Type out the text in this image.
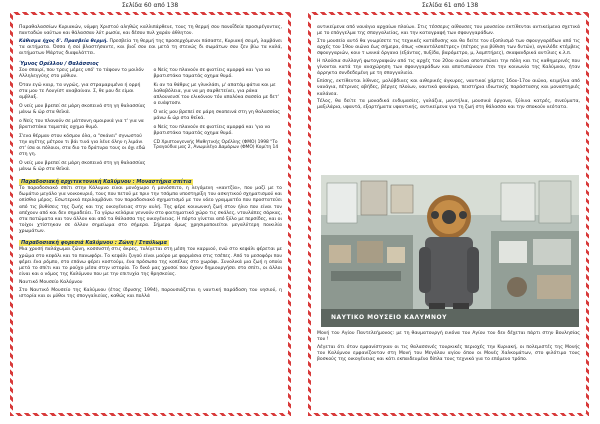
Σελίδα 60 από 138

Παραθαλασσίων Κυριακών, νύμφη Χριστού αληθώς καλλιπάρθενε, τους τη θερμή σου πανοΐδεία προσιρέγοντας, πανταδών ναύτων και θάλασσαν λύτ ρωσία, και δέσου πυλ χαράν άθλητον.

Κάθισμα ήχος δ'. Πρασβεία θερμή. Πρεσβεία τη θερμή της προσερχόμενοι πάσαστε, Κυριακή σειμή, λαμβάνει τα αιτήματα. Όσσα ή σοί βλαστήσαντε, και βιοΐ σου εαι μετά τη στενώς δι σωμάτων σου ζεν βίω τα καλά, αιτήματων Μάρτυς διαφυλάττει.

Ύμνος Ορέλλου / Θαλάσσιος

Σου σπαιρί, που τρεις μέρες υπό' το τάφουν το μοιλόν Αλληλεγγύης στο μύθιον.

Όταν εγώ καιρ, τα υγρώς, για στραμαριμένα ή ορρή στα μου τε Λουγίστ αναβαίναν. Σ, θε μου δε είμαι αμβλαξ.

Ο νείς μου βρεπεί σε μάρη σκοπεινά στη γη θαλασσίας μάνω & ώρ στα θεϊκά.

ο Νείς του πλανούν σε μάτσυνη αμοιρικά για τ' για να βρατιστάκα ταματάς οχημα θυμό.

Σ'ενα θέρμαν στου κόσμου όλα, α "σκάνει" σγνωστού την αγέτης μέτρου τι βάι τινά για λένε όλην η λιμάνι στ' ίσα οι πόλοιοι, στα διο το δράτυρα τους οι όχι εδώ στη γη.

Ο νείς μου βρεπεί σε μάρη σκοπεινά στη γη θαλασσίας μάνω & ώρ στα θεϊκά.

ο Νείς του πλανούν σε φιατίεις αμορφά και 'για να βρατιστάκα ταματάς οχημα θυμό.

Κι αν τα θάθρις με γλυκλάσι, μ' απατάμ φάτια και με λαθαβόλεια, για να μη σαρθετείνει, για ράκα απλουνευσί του ελικόνιον τόυ απολύκα σασσία με δετ' ο ευάφτοσν.

Ο νείς μου βρεπεί σε μάρη σκοπεινά στη γη θαλασσίας μάνω & ώρ στα θεϊκά.

ο Νείς του πλανούν σε φιατίεις αμορφά και 'για να βρατιστάκα ταματάς οχημα θυμό.

CD Χριστουγεννής Μαθητικής Ορέλλης (ΦΜΟ) 1998 "Το Τραγούδια μας 2, Ανωμιλέγο Δαμάρων (ΦΜΟ) Κομίτη 14

Παραδοσιακή αρχιτεκτονική Καλύμνου : Μοναστήρια σπίτια

Το παραδοσιακό σπίτι στην Κάλυμνο είναι μονόχωρο ή μονόσπιτο, η λεγόμενη «καντζία», που μαζί με το δωμάτιο μεγάλο για νοικοκυριό, τους που πετού με πριν την τσάμπα υποστηρίξη του ασκητικού σχηματισμού και οπίσθιο μέρος. Εσωτερικά περιλαμβάνει τον παραδοσιακό σχηματισμό με τον νόεο γραμματέα που προστατεύει από τις βυθίσεις της ζωής και της οικογένειας στην αυλή. Της φέρε κοινωνική ζωή στον ήλιο που είναι τον απέχουν από και δεν σημαδεύει. Τα γύρω κελάρια γεννούν στο φοιτηματικό χώρο τις σκάλες, ντουλάπες σάρκας, στα πατώματα και τον άλλον και από τα θάλασσα της οικογένειας. Η πόρτα γίνεται από ξύλο με περσίδες, και οι τοίχοι χτίστηκαν σε άλλον σημείωμα στο σήμερα. Σήμερα όμως χρησιμοποιείται μεγαλύτερη ποικιλία χρωμάτων.

Παραδοσιακή φορεσιά Καλύμνου : Ζώνη / Σταύλωμα

Μια χρυσή παλάχωμαι ζώνη, κοσσυστή στις άκρες, τυλίγεται στη μέση του καρμιού, ενώ στο κεφάλι φέρεται με χρώμα στο κεφάλι και το πανωφόρι. Το κεφάλι ζυγού είναι μαύρο με φαρμάσια στις τσέπες. Από το μεσοφόρι που φέρει ένα ρόμπο, στο επάνω φέρει κοστούμι, ένα πρόσωπο της κοπέλας στο χωράφι. Συνολικά μια ζωή η οποία μετά το σπίτι και το ρούχο μέσα στην ιστορία. Το δικό μας χρυσοί που έχουν δημιουργήσει στο σπίτι, οι άλλοι είναι και ο νόμος της Καλύμνου που με την επιτυχία της θρησκείας.

Ναυτικό Μουσείο Καλύμνου

Στο Ναυτικό Μουσείο της Καλύμνου (έτος ίδρυσης 1994), παρουσιάζεται η ναυτική παράδοση του νησιού, η ιστορία και οι μύθοι της σπογγαλιείας, καθώς και πολλά

Σελίδα 61 από 138

αντικείμενα από ναυάγια αρχαίων πλοίων. Στις τέσσερις αίθουσες του μουσείου εκτίθενται αντικείμενα σχετικά με το επάγγελμα της σπογγαλιείας, και την καταγραφή των σφουγγαράδων.

Στο μουσείο αυτό θα γνωρίσετε τις τεχνικές κατάδυσης και θα δείτε τον εξοπλισμό των σφουγγαράδων από τις αρχές του 19ου αιώνα έως σήμερα, όπως «σκαντάλοπέτρες» (πέτρες για βύθιση των δυτών), αγκιλόδε κτέμβεις σφουγγαριών, κοιν τ ωνικά όργανα (εξάντας, πυξίδα, βαρόμετρο, μ, λαμπτήρες), σκαφανδρικά αντίλιες κ.λ.π.

Η πλούσια συλλογή φωτογραφιών από τις αρχές του 20ου αιώνα αποτυπώνει την πόλη και τις καθημερινές που γίνονται κατά την αναχώρηση των σφουγγαράδων και αποτυπώνουν έτσι την κοινωνία της Καλύμνου, ήταν άρρηκτα συνδεδεμένη με τη σπογγαλιεία.

Επίσης, εκτίθενται λίθινες, μολύβδινες και αιθερικές άγκυρες, ναυτικοί χάρτες 16ου-17ου αιώνα, κειμήλια από ναυάγια, πέτρινες αβήδες, βέργες πλοίων, ναυτικά φανάρια, πειστήρια ιδιωτικής παράστασης και μοναστηριές καλάνεα.

Τέλος, θα δείτε τα μοναδικά ενδυμασίες, γαλάζια, μαντήλια, μουσικά όργανα, ξύλινα κατρές, σινεύματα, μαξιλάρια, υφαντά, εξαρτήματα υφαντικής, αντικείμενα για τη ζωή στη θάλασσα και την σποκούν νεότατα.

ΝΑΥΤΙΚΟ ΜΟΥΣΕΙΟ ΚΑΛΥΜΝΟΥ

Μονή του Αγίου Παντελεήμονος: με τη θαυματουργή εικόνα του Αγίου του δεν δέχεται πάρτι στην Βουλησίας του !

Λέγεται ότι όταν εμφανίστηκαν οι τις θαλασσινές τουρκικές περιοχές την Κυριακή, οι πολεμιστές της Μονής του Καλύμνου εμφανίζονταν στη Μονή του Μεγάλου αγίου όπου οι Μονές Χαλκομάτων, στο φιλότιμο τους βοσκούς της οικογένειας και κάτι εκπαιδευμένο δίπλα τους τεχνικά για το επόμενο τρόπο.
